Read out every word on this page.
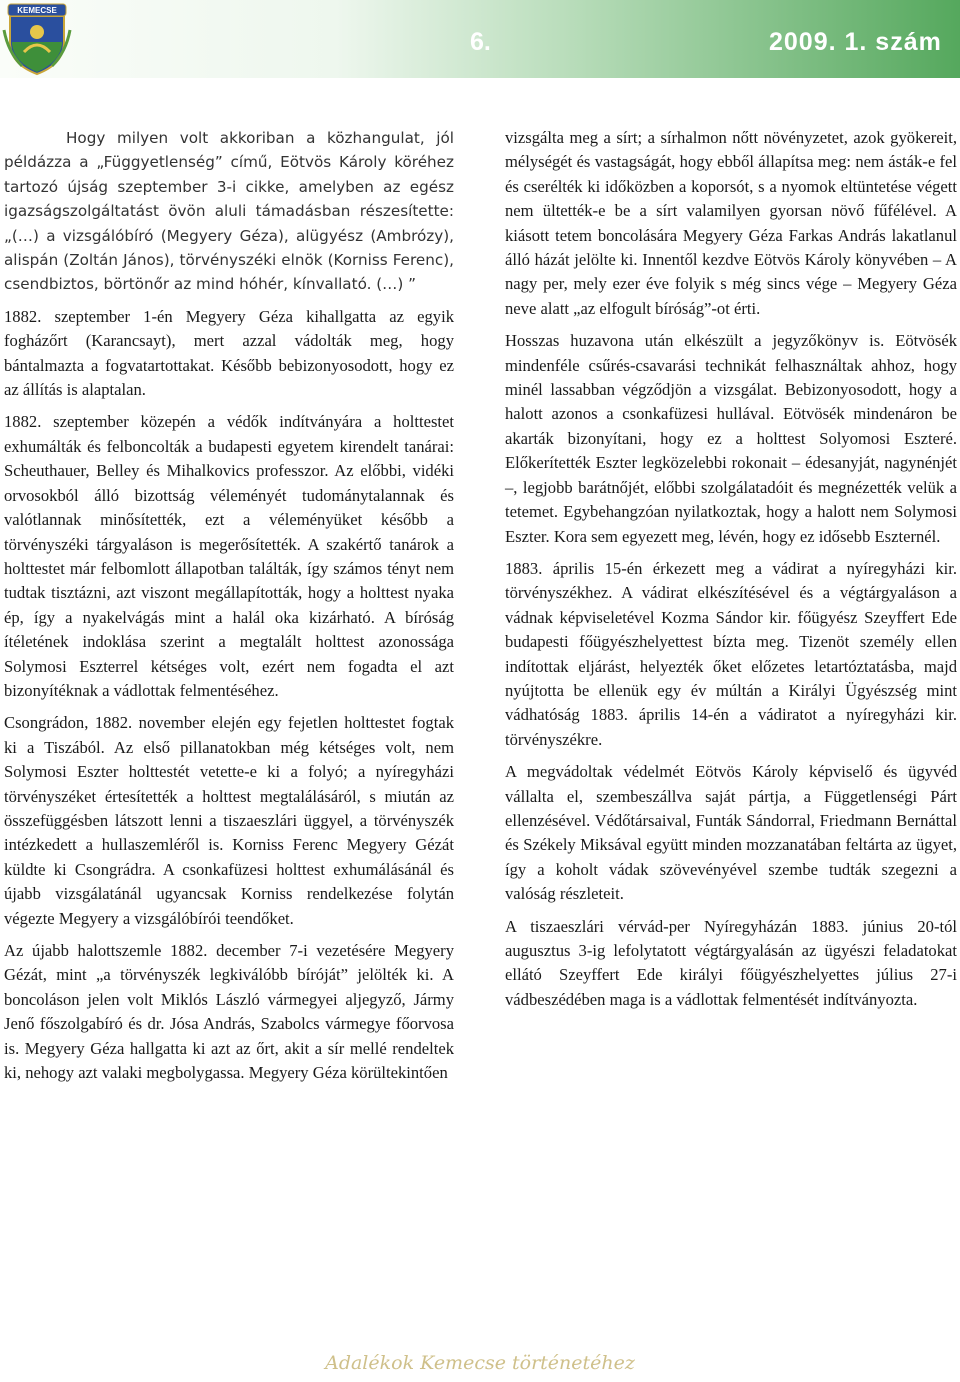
KEMECSE
6.	2009. 1. szám

Hogy milyen volt akkoriban a közhangulat, jól példázza a „Függyetlenség” című, Eötvös Károly köréhez tartozó újság szeptember 3-i cikke, amelyben az egész igazságszolgáltatást övön aluli támadásban részesítette: „(…) a vizsgálóbíró (Megyery Géza), alügyész (Ambrózy), alispán (Zoltán János), törvényszéki elnök (Korniss Ferenc), csendbiztos, börtönőr az mind hóhér, kínvallató. (…) ”

1882. szeptember 1-én Megyery Géza kihallgatta az egyik fogházőrt (Karancsayt), mert azzal vádolták meg, hogy bántalmazta a fogvatartottakat. Később bebizonyosodott, hogy ez az állítás is alaptalan.

1882. szeptember közepén a védők indítványára a holttestet exhumálták és felboncolták a budapesti egyetem kirendelt tanárai: Scheuthauer, Belley és Mihalkovics professzor. Az előbbi, vidéki orvosokból álló bizottság véleményét tudománytalannak és valótlannak minősítették, ezt a véleményüket később a törvényszéki tárgyaláson is megerősítették. A szakértő tanárok a holttestet már felbomlott állapotban találták, így számos tényt nem tudtak tisztázni, azt viszont megállapították, hogy a holttest nyaka ép, így a nyakelvágás mint a halál oka kizárható. A bíróság ítéletének indoklása szerint a megtalált holttest azonossága Solymosi Eszterrel kétséges volt, ezért nem fogadta el azt bizonyítéknak a vádlottak felmentéséhez.

Csongrádon, 1882. november elején egy fejetlen holttestet fogtak ki a Tiszából. Az első pillanatokban még kétséges volt, nem Solymosi Eszter holttestét vetette-e ki a folyó; a nyíregyházi törvényszéket értesítették a holttest megtalálásáról, s miután az összefüggésben látszott lenni a tiszaeszlári üggyel, a törvényszék intézkedett a hullaszemléről is. Korniss Ferenc Megyery Gézát küldte ki Csongrádra. A csonkafüzesi holttest exhumálásánál és újabb vizsgálatánál ugyancsak Korniss rendelkezése folytán végezte Megyery a vizsgálóbírói teendőket.

Az újabb halottszemle 1882. december 7-i vezetésére Megyery Gézát, mint „a törvényszék legkiválóbb bíróját” jelölték ki. A boncoláson jelen volt Miklós László vármegyei aljegyző, Jármy Jenő főszolgabíró és dr. Jósa András, Szabolcs vármegye főorvosa is. Megyery Géza hallgatta ki azt az őrt, akit a sír mellé rendeltek ki, nehogy azt valaki megbolygassa. Megyery Géza körültekintően

vizsgálta meg a sírt; a sírhalmon nőtt növényzetet, azok gyökereit, mélységét és vastagságát, hogy ebből állapítsa meg: nem ásták-e fel és cserélték ki időközben a koporsót, s a nyomok eltüntetése végett nem ültették-e be a sírt valamilyen gyorsan növő fűfélével. A kiásott tetem boncolására Megyery Géza Farkas András lakatlanul álló házát jelölte ki. Innentől kezdve Eötvös Károly könyvében – A nagy per, mely ezer éve folyik s még sincs vége – Megyery Géza neve alatt „az elfogult bíróság”-ot érti.

Hosszas huzavona után elkészült a jegyzőkönyv is. Eötvösék mindenféle csűrés-csavarási technikát felhasználtak ahhoz, hogy minél lassabban végződjön a vizsgálat. Bebizonyosodott, hogy a halott azonos a csonkafüzesi hullával. Eötvösék mindenáron be akarták bizonyítani, hogy ez a holttest Solyomosi Eszteré. Előkerítették Eszter legközelebbi rokonait – édesanyját, nagynénjét –, legjobb barátnőjét, előbbi szolgálatadóit és megnézették velük a tetemet. Egybehangzóan nyilatkoztak, hogy a halott nem Solymosi Eszter. Kora sem egyezett meg, lévén, hogy ez idősebb Eszternél.

1883. április 15-én érkezett meg a vádirat a nyíregyházi kir. törvényszékhez. A vádirat elkészítésével és a végtárgyaláson a vádnak képviseletével Kozma Sándor kir. főügyész Szeyffert Ede budapesti főügyészhelyettest bízta meg. Tizenöt személy ellen indítottak eljárást, helyezték őket előzetes letartóztatásba, majd nyújtotta be ellenük egy év múltán a Királyi Ügyészség mint vádhatóság 1883. április 14-én a vádiratot a nyíregyházi kir. törvényszékre.

A megvádoltak védelmét Eötvös Károly képviselő és ügyvéd vállalta el, szembeszállva saját pártja, a Függetlenségi Párt ellenzésével. Védőtársaival, Funták Sándorral, Friedmann Bernáttal és Székely Miksával együtt minden mozzanatában feltárta az ügyet, így a koholt vádak szövevényével szembe tudták szegezni a valóság részleteit.

A tiszaeszlári vérvád-per Nyíregyházán 1883. június 20-tól augusztus 3-ig lefolytatott végtárgyalásán az ügyészi feladatokat ellátó Szeyffert Ede királyi főügyészhelyettes július 27-i vádbeszédében maga is a vádlottak felmentését indítványozta.

Adalékok Kemecse történetéhez
